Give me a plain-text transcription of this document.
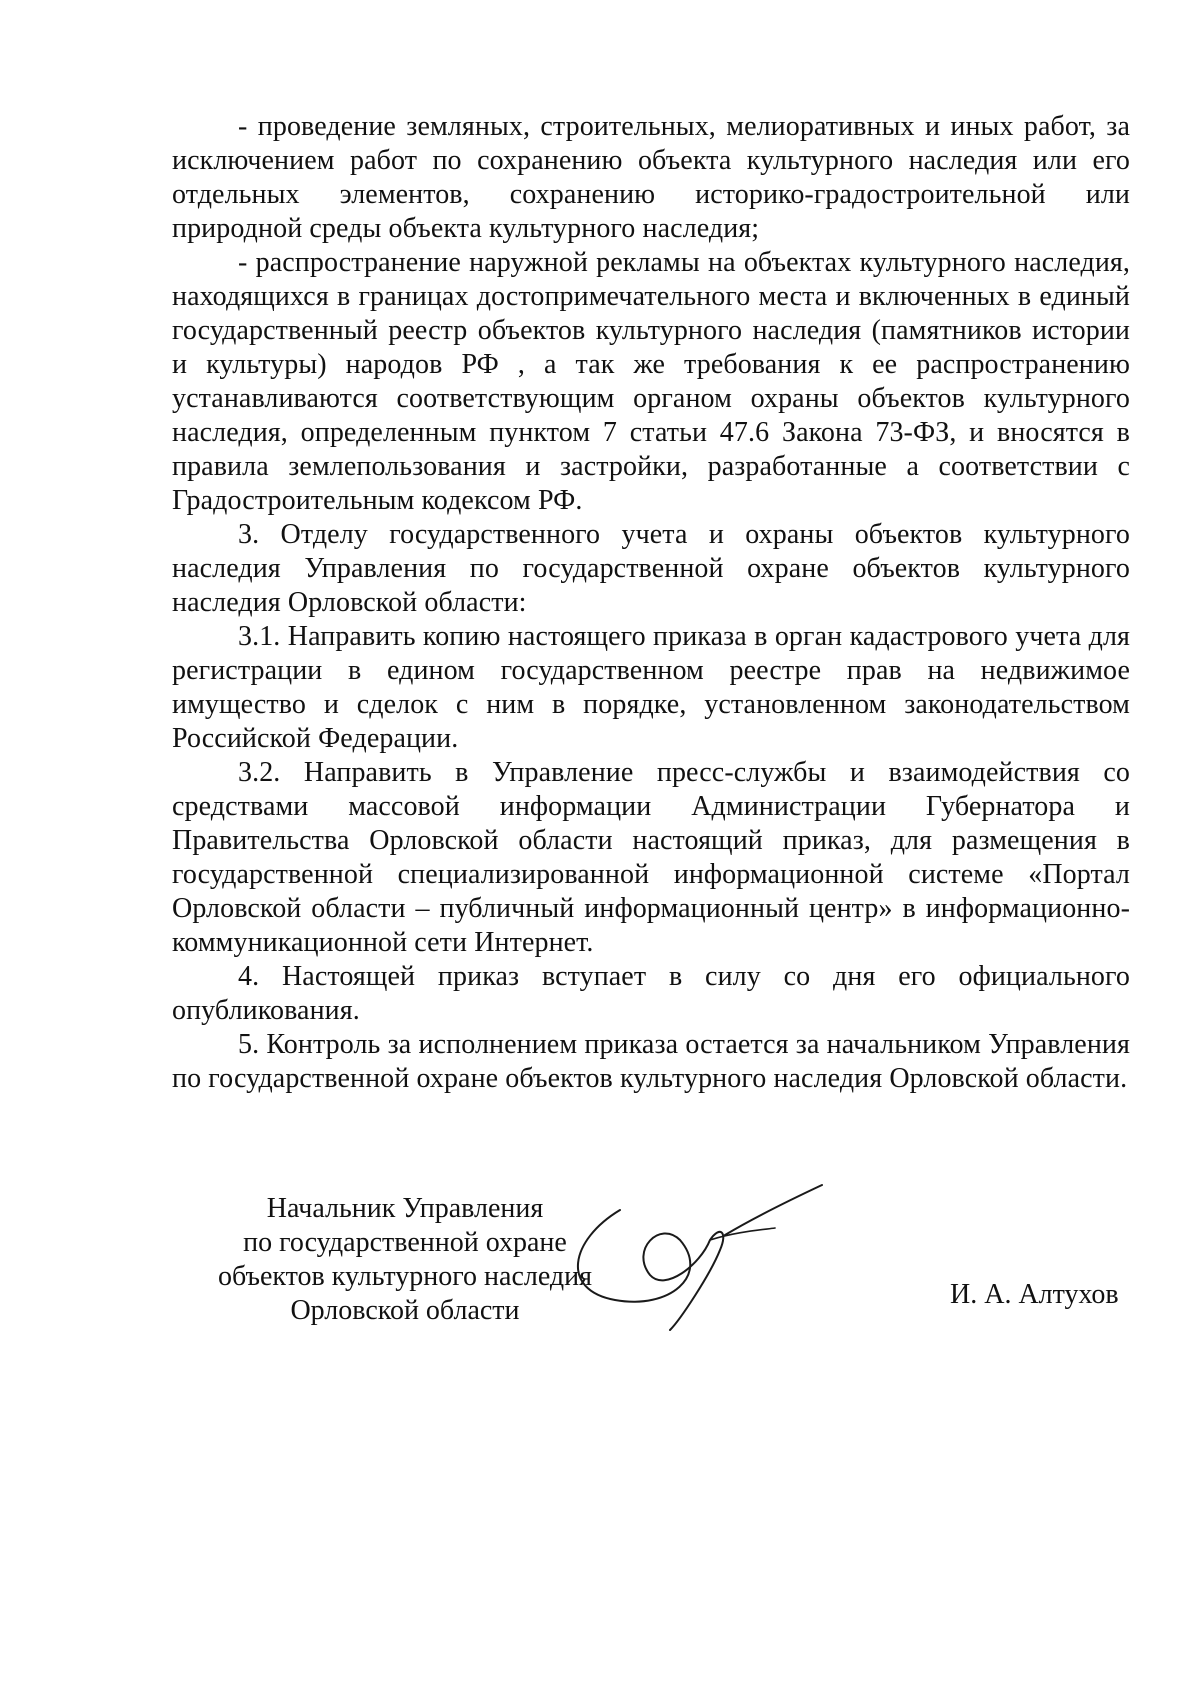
- проведение земляных, строительных, мелиоративных и иных работ, за исключением работ по сохранению объекта культурного наследия или его отдельных элементов, сохранению историко-градостроительной или природной среды объекта культурного наследия;

- распространение наружной рекламы на объектах культурного наследия, находящихся в границах достопримечательного места и включенных в единый государственный реестр объектов культурного наследия (памятников истории и культуры) народов РФ , а так же требования к ее распространению устанавливаются соответствующим органом охраны объектов культурного наследия, определенным пунктом 7 статьи 47.6 Закона 73-ФЗ, и вносятся в правила землепользования и застройки, разработанные а соответствии с Градостроительным кодексом РФ.

3. Отделу государственного учета и охраны объектов культурного наследия Управления по государственной охране объектов культурного наследия Орловской области:

3.1. Направить копию настоящего приказа в орган кадастрового учета для регистрации в едином государственном реестре прав на недвижимое имущество и сделок с ним в порядке, установленном законодательством Российской Федерации.

3.2. Направить в Управление пресс-службы и взаимодействия со средствами массовой информации Администрации Губернатора и Правительства Орловской области настоящий приказ, для размещения в государственной специализированной информационной системе «Портал Орловской области – публичный информационный центр» в информационно-коммуникационной сети Интернет.

4. Настоящей приказ вступает в силу со дня его официального опубликования.

5. Контроль за исполнением приказа остается за начальником Управления по государственной охране объектов культурного наследия Орловской области.

Начальник Управления
по государственной охране
объектов культурного наследия
Орловской области
И. А. Алтухов
